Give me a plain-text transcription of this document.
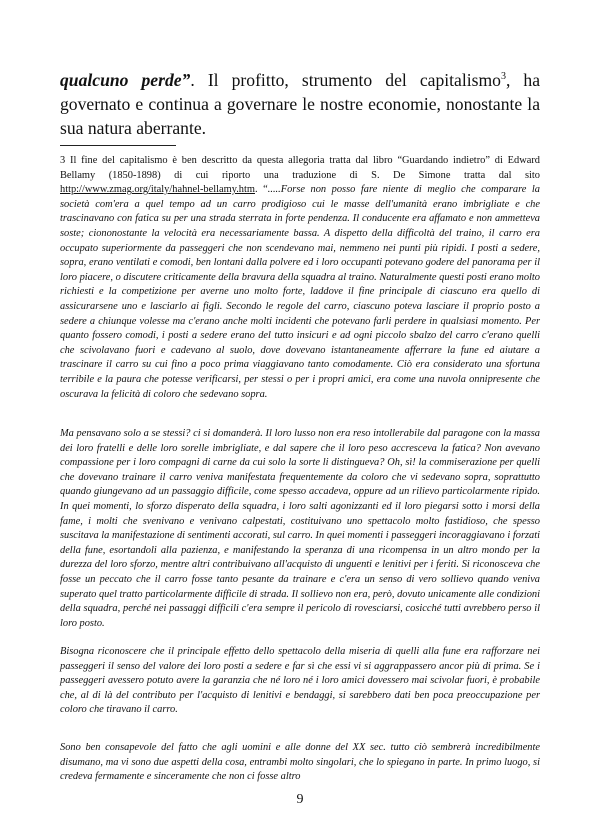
qualcuno perde”. Il profitto, strumento del capitalismo$^3$, ha governato e continua a governare le nostre economie, nonostante la sua natura aberrante.

3 Il fine del capitalismo è ben descritto da questa allegoria tratta dal libro “Guardando indietro” di Edward Bellamy (1850-1898) di cui riporto una traduzione di S. De Simone tratta dal sito http://www.zmag.org/italy/hahnel-bellamy.htm. “.....Forse non posso fare niente di meglio che comparare la società com'era a quel tempo ad un carro prodigioso cui le masse dell'umanità erano imbrigliate e che trascinavano con fatica su per una strada sterrata in forte pendenza. Il conducente era affamato e non ammetteva soste; ciononostante la velocità era necessariamente bassa. A dispetto della difficoltà del traino, il carro era occupato superiormente da passeggeri che non scendevano mai, nemmeno nei punti più ripidi. I posti a sedere, sopra, erano ventilati e comodi, ben lontani dalla polvere ed i loro occupanti potevano godere del panorama per il loro piacere, o discutere criticamente della bravura della squadra al traino. Naturalmente questi posti erano molto richiesti e la competizione per averne uno molto forte, laddove il fine principale di ciascuno era quello di assicurarsene uno e lasciarlo ai figli. Secondo le regole del carro, ciascuno poteva lasciare il proprio posto a sedere a chiunque volesse ma c'erano anche molti incidenti che potevano farli perdere in qualsiasi momento. Per quanto fossero comodi, i posti a sedere erano del tutto insicuri e ad ogni piccolo sbalzo del carro c'erano quelli che scivolavano fuori e cadevano al suolo, dove dovevano istantaneamente afferrare la fune ed aiutare a trascinare il carro su cui fino a poco prima viaggiavano tanto comodamente. Ciò era considerato una sfortuna terribile e la paura che potesse verificarsi, per stessi o per i propri amici, era come una nuvola onnipresente che oscurava la felicità di coloro che sedevano sopra.

Ma pensavano solo a se stessi? ci si domanderà. Il loro lusso non era reso intollerabile dal paragone con la massa dei loro fratelli e delle loro sorelle imbrigliate, e dal sapere che il loro peso accresceva la fatica? Non avevano compassione per i loro compagni di carne da cui solo la sorte li distingueva? Oh, sì! la commiserazione per quelli che dovevano trainare il carro veniva manifestata frequentemente da coloro che vi sedevano sopra, soprattutto quando giungevano ad un passaggio difficile, come spesso accadeva, oppure ad un rilievo particolarmente ripido. In quei momenti, lo sforzo disperato della squadra, i loro salti agonizzanti ed il loro piegarsi sotto i morsi della fame, i molti che svenivano e venivano calpestati, costituivano uno spettacolo molto fastidioso, che spesso suscitava la manifestazione di sentimenti accorati, sul carro. In quei momenti i passeggeri incoraggiavano i forzati della fune, esortandoli alla pazienza, e manifestando la speranza di una ricompensa in un altro mondo per la durezza del loro sforzo, mentre altri contribuivano all'acquisto di unguenti e lenitivi per i feriti. Si riconosceva che fosse un peccato che il carro fosse tanto pesante da trainare e c'era un senso di vero sollievo quando veniva superato quel tratto particolarmente difficile di strada. Il sollievo non era, però, dovuto unicamente alle condizioni della squadra, perché nei passaggi difficili c'era sempre il pericolo di rovesciarsi, cosicché tutti avrebbero perso il loro posto.

Bisogna riconoscere che il principale effetto dello spettacolo della miseria di quelli alla fune era rafforzare nei passeggeri il senso del valore dei loro posti a sedere e far sì che essi vi si aggrappassero ancor più di prima. Se i passeggeri avessero potuto avere la garanzia che né loro né i loro amici dovessero mai scivolar fuori, è probabile che, al di là del contributo per l'acquisto di lenitivi e bendaggi, si sarebbero dati ben poca preoccupazione per coloro che tiravano il carro.

Sono ben consapevole del fatto che agli uomini e alle donne del XX sec. tutto ciò sembrerà incredibilmente disumano, ma vi sono due aspetti della cosa, entrambi molto singolari, che lo spiegano in parte. In primo luogo, si credeva fermamente e sinceramente che non ci fosse altro

9
